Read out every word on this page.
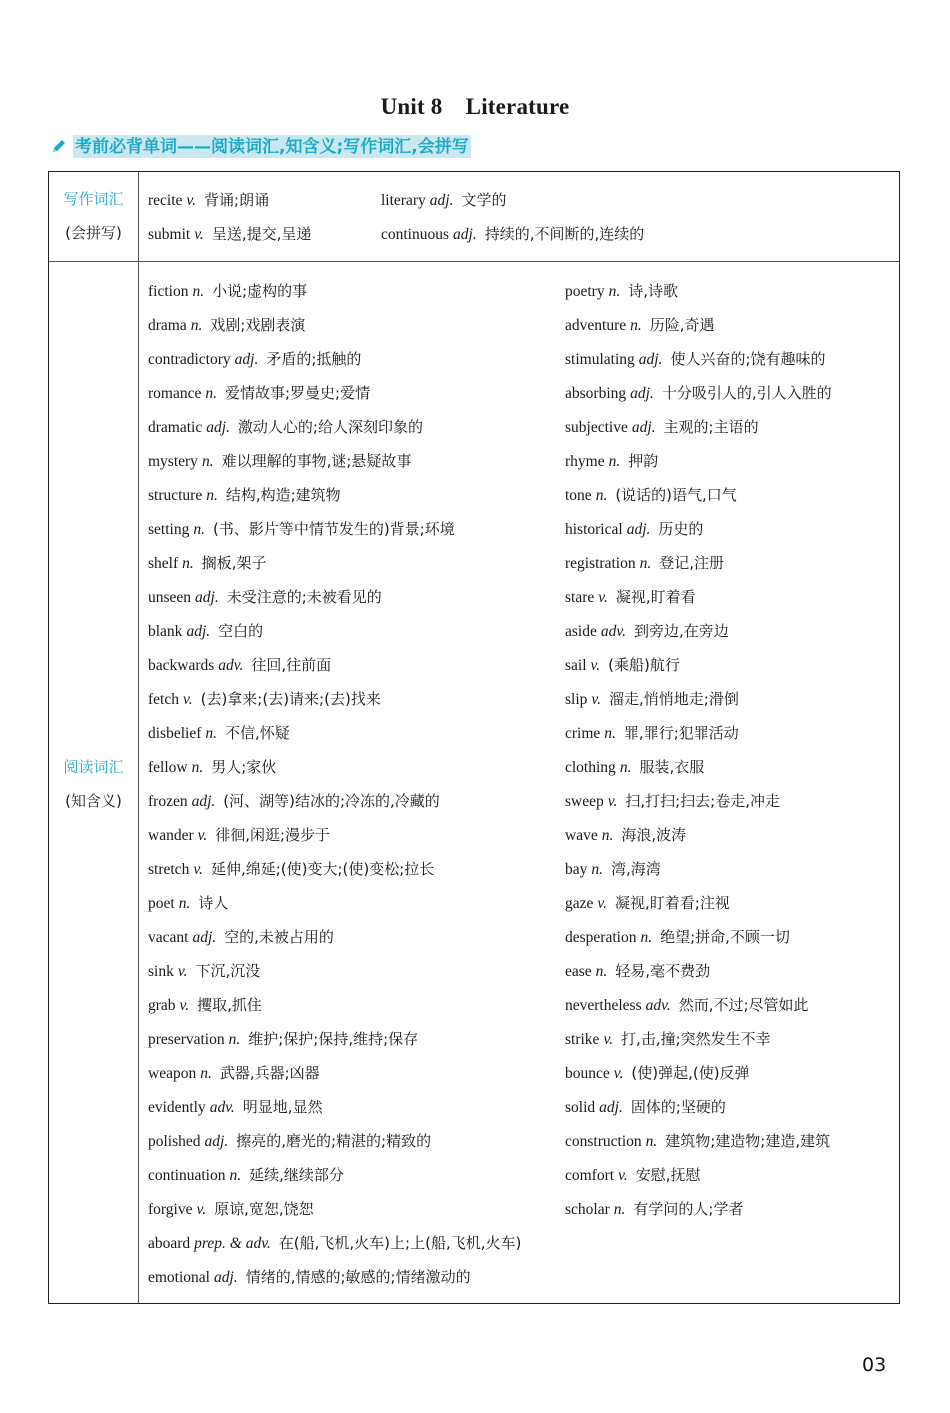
Unit 8　Literature
考前必背单词——阅读词汇,知含义;写作词汇,会拼写
写作词汇
(会拼写)
阅读词汇
(知含义)
recite v. 背诵;朗诵
submit v. 呈送,提交,呈递
literary adj. 文学的
continuous adj. 持续的,不间断的,连续的
fiction n. 小说;虚构的事
drama n. 戏剧;戏剧表演
contradictory adj. 矛盾的;抵触的
romance n. 爱情故事;罗曼史;爱情
dramatic adj. 激动人心的;给人深刻印象的
mystery n. 难以理解的事物,谜;悬疑故事
structure n. 结构,构造;建筑物
setting n. (书、影片等中情节发生的)背景;环境
shelf n. 搁板,架子
unseen adj. 未受注意的;未被看见的
blank adj. 空白的
backwards adv. 往回,往前面
fetch v. (去)拿来;(去)请来;(去)找来
disbelief n. 不信,怀疑
fellow n. 男人;家伙
frozen adj. (河、湖等)结冰的;冷冻的,冷藏的
wander v. 徘徊,闲逛;漫步于
stretch v. 延伸,绵延;(使)变大;(使)变松;拉长
poet n. 诗人
vacant adj. 空的,未被占用的
sink v. 下沉,沉没
grab v. 攫取,抓住
preservation n. 维护;保护;保持,维持;保存
weapon n. 武器,兵器;凶器
evidently adv. 明显地,显然
polished adj. 擦亮的,磨光的;精湛的;精致的
continuation n. 延续,继续部分
forgive v. 原谅,宽恕,饶恕
aboard prep. & adv. 在(船,飞机,火车)上;上(船,飞机,火车)
emotional adj. 情绪的,情感的;敏感的;情绪激动的
poetry n. 诗,诗歌
adventure n. 历险,奇遇
stimulating adj. 使人兴奋的;饶有趣味的
absorbing adj. 十分吸引人的,引人入胜的
subjective adj. 主观的;主语的
rhyme n. 押韵
tone n. (说话的)语气,口气
historical adj. 历史的
registration n. 登记,注册
stare v. 凝视,盯着看
aside adv. 到旁边,在旁边
sail v. (乘船)航行
slip v. 溜走,悄悄地走;滑倒
crime n. 罪,罪行;犯罪活动
clothing n. 服装,衣服
sweep v. 扫,打扫;扫去;卷走,冲走
wave n. 海浪,波涛
bay n. 湾,海湾
gaze v. 凝视,盯着看;注视
desperation n. 绝望;拼命,不顾一切
ease n. 轻易,毫不费劲
nevertheless adv. 然而,不过;尽管如此
strike v. 打,击,撞;突然发生不幸
bounce v. (使)弹起,(使)反弹
solid adj. 固体的;坚硬的
construction n. 建筑物;建造物;建造,建筑
comfort v. 安慰,抚慰
scholar n. 有学问的人;学者
03
